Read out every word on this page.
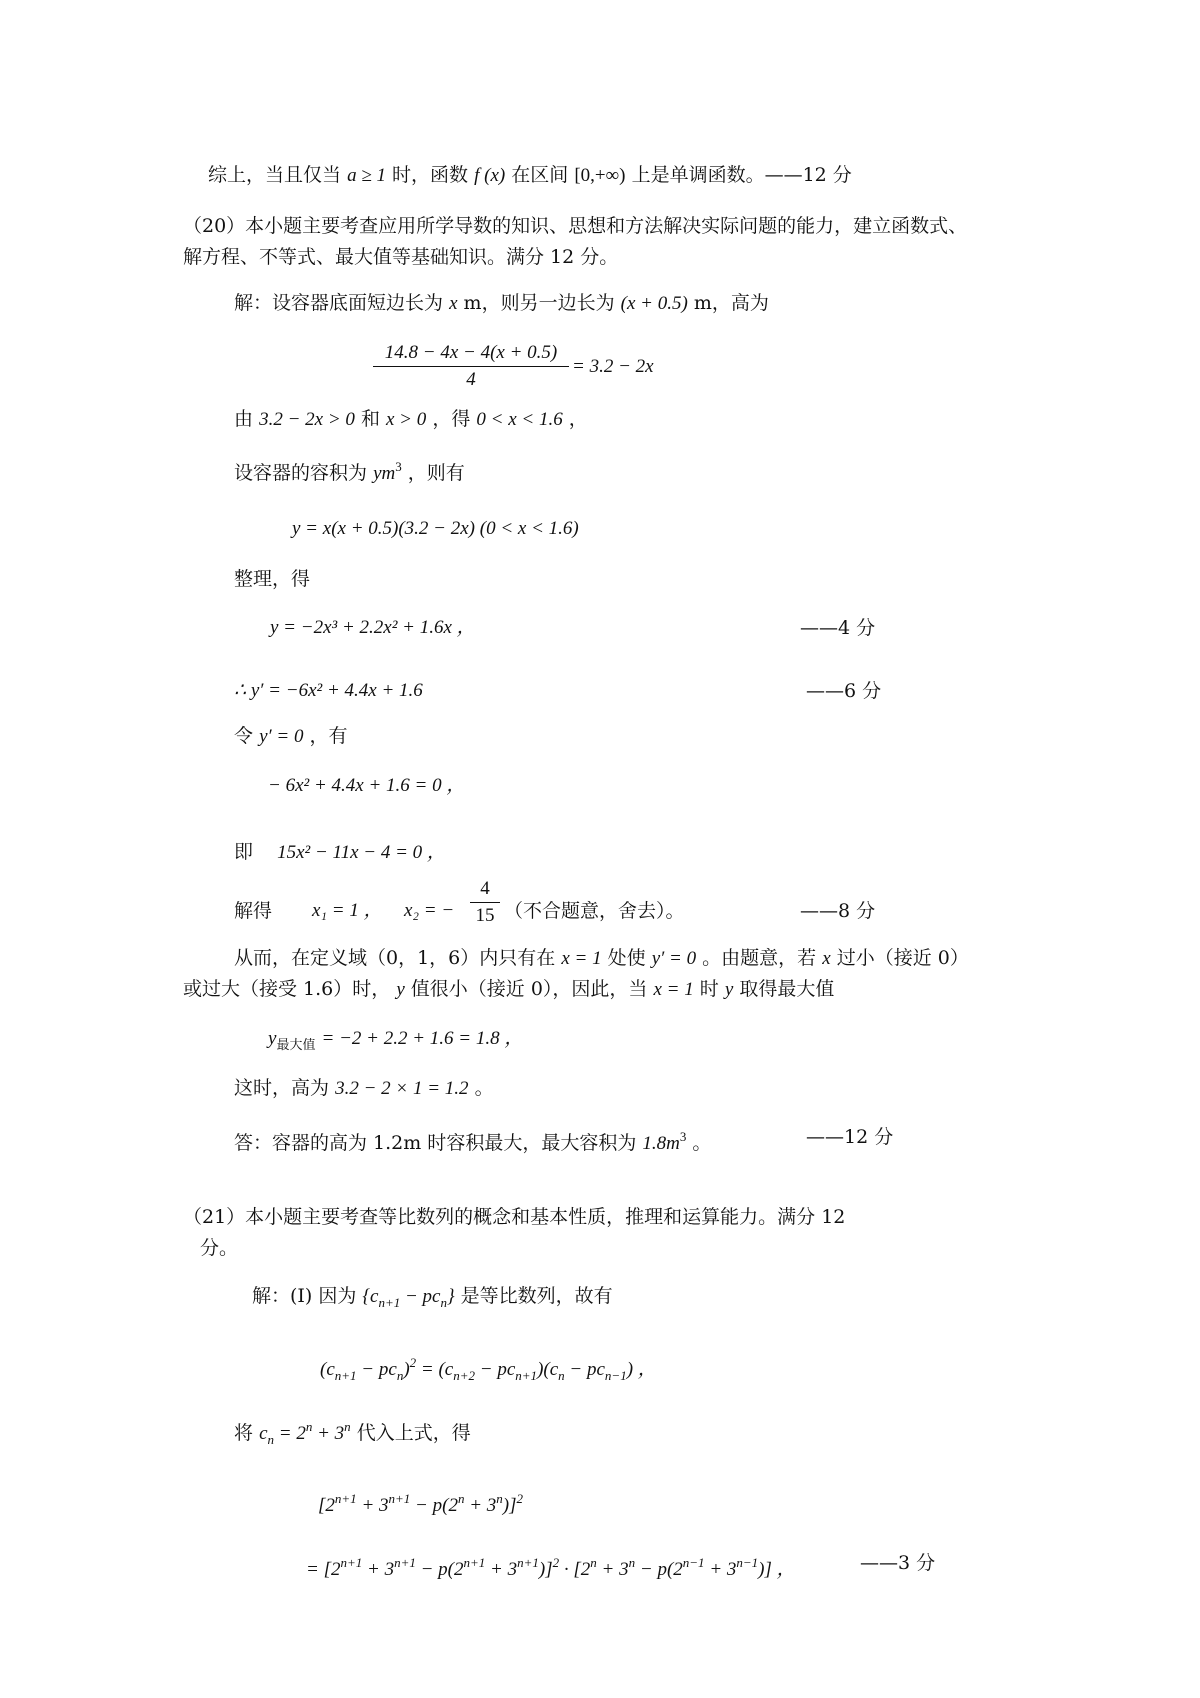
综上，当且仅当 a ≥ 1 时，函数 f (x) 在区间 [0,+∞) 上是单调函数。——12 分
（20）本小题主要考查应用所学导数的知识、思想和方法解决实际问题的能力，建立函数式、
解方程、不等式、最大值等基础知识。满分 12 分。
解：设容器底面短边长为 x m，则另一边长为 (x + 0.5) m，高为
14.8 − 4x − 4(x + 0.5)
4
= 3.2 − 2x
由 3.2 − 2x > 0 和 x > 0 ，得 0 < x < 1.6 ，
设容器的容积为 $ym^3$ ，则有
y = x(x + 0.5)(3.2 − 2x) (0 < x < 1.6)
整理，得
y = −2x³ + 2.2x² + 1.6x ，	——4 分
∴ y′ = −6x² + 4.4x + 1.6	——6 分
令 y′ = 0 ，有
− 6x² + 4.4x + 1.6 = 0 ，
即 15x² − 11x − 4 = 0 ，
解得 x₁ = 1 ， x₂ = −
4
15 （不合题意，舍去）。	——8 分
从而，在定义域（0，1，6）内只有在 x = 1 处使 y′ = 0 。由题意，若 x 过小（接近 0）
或过大（接受 1.6）时， y 值很小（接近 0），因此，当 x = 1 时 y 取得最大值
$y_{最大值} = -2 + 2.2 + 1.6 = 1.8$ ，
这时，高为 3.2 − 2 × 1 = 1.2 。
答：容器的高为 1.2m 时容积最大，最大容积为 $1.8m^3$ 。	——12 分
（21）本小题主要考查等比数列的概念和基本性质，推理和运算能力。满分 12
分。
解：(Ⅰ) 因为 $\{c_{n+1} - pc_n\}$ 是等比数列，故有
$(c_{n+1} - pc_n)^2 = (c_{n+2} - pc_{n+1})(c_n - pc_{n-1})$ ，
将 $c_n = 2^n + 3^n$ 代入上式，得
$[2^{n+1} + 3^{n+1} - p(2^n + 3^n)]^2$
= $[2^{n+1} + 3^{n+1} - p(2^{n+1} + 3^{n+1})]^2 \cdot [2^n + 3^n - p(2^{n-1} + 3^{n-1})]$ ，	——3 分
